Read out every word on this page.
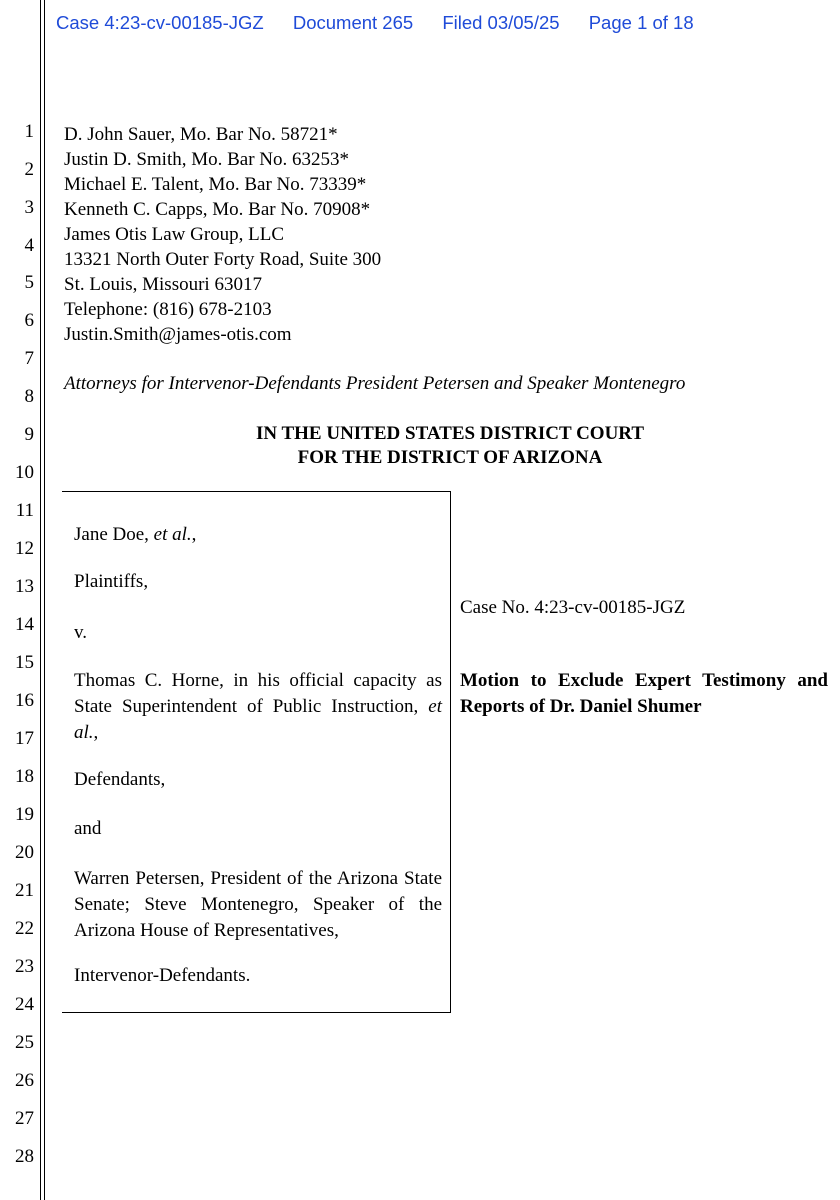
Case 4:23-cv-00185-JGZ Document 265 Filed 03/05/25 Page 1 of 18
1
2
3
4
5
6
7
8
9
10
11
12
13
14
15
16
17
18
19
20
21
22
23
24
25
26
27
28
D. John Sauer, Mo. Bar No. 58721*
Justin D. Smith, Mo. Bar No. 63253*
Michael E. Talent, Mo. Bar No. 73339*
Kenneth C. Capps, Mo. Bar No. 70908*
James Otis Law Group, LLC
13321 North Outer Forty Road, Suite 300
St. Louis, Missouri 63017
Telephone: (816) 678-2103
Justin.Smith@james-otis.com
Attorneys for Intervenor-Defendants President Petersen and Speaker Montenegro
IN THE UNITED STATES DISTRICT COURT
FOR THE DISTRICT OF ARIZONA
Jane Doe, et al.,
Plaintiffs,
v.
Thomas C. Horne, in his official capacity as State Superintendent of Public Instruction, et al.,
Defendants,
and
Warren Petersen, President of the Arizona State Senate; Steve Montenegro, Speaker of the Arizona House of Representatives,
Intervenor-Defendants.
Case No. 4:23-cv-00185-JGZ
Motion to Exclude Expert Testimony and Reports of Dr. Daniel Shumer
